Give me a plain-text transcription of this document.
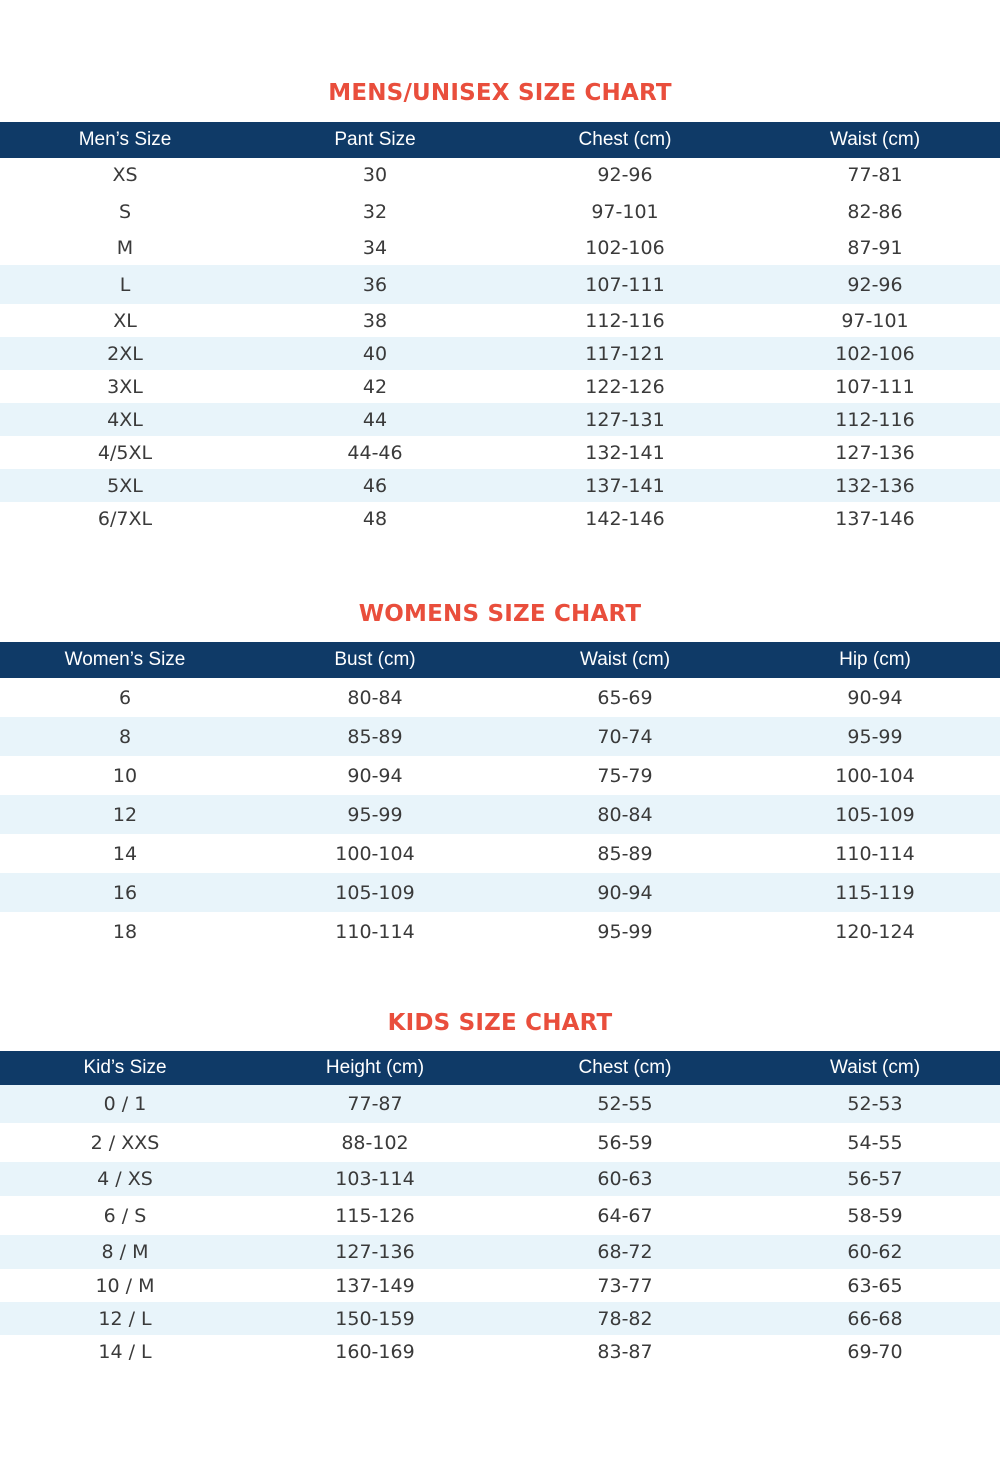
MENS/UNISEX SIZE CHART
Men’s Size	Pant Size	Chest (cm)	Waist (cm)
XS	30	92-96	77-81
S	32	97-101	82-86
M	34	102-106	87-91
L	36	107-111	92-96
XL	38	112-116	97-101
2XL	40	117-121	102-106
3XL	42	122-126	107-111
4XL	44	127-131	112-116
4/5XL	44-46	132-141	127-136
5XL	46	137-141	132-136
6/7XL	48	142-146	137-146
WOMENS SIZE CHART
Women’s Size	Bust (cm)	Waist (cm)	Hip (cm)
6	80-84	65-69	90-94
8	85-89	70-74	95-99
10	90-94	75-79	100-104
12	95-99	80-84	105-109
14	100-104	85-89	110-114
16	105-109	90-94	115-119
18	110-114	95-99	120-124
KIDS SIZE CHART
Kid’s Size	Height (cm)	Chest (cm)	Waist (cm)
0 / 1	77-87	52-55	52-53
2 / XXS	88-102	56-59	54-55
4 / XS	103-114	60-63	56-57
6 / S	115-126	64-67	58-59
8 / M	127-136	68-72	60-62
10 / M	137-149	73-77	63-65
12 / L	150-159	78-82	66-68
14 / L	160-169	83-87	69-70
